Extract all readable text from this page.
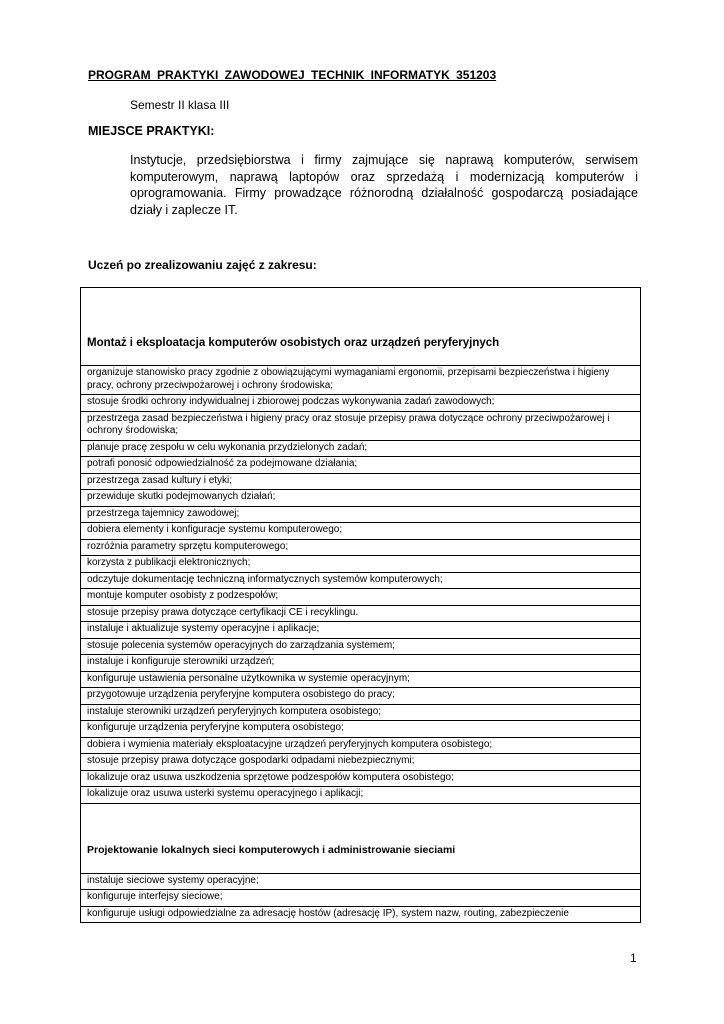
PROGRAM PRAKTYKI ZAWODOWEJ TECHNIK INFORMATYK 351203
Semestr II klasa III
MIEJSCE PRAKTYKI:
Instytucje, przedsiębiorstwa i firmy zajmujące się naprawą komputerów, serwisem komputerowym, naprawą laptopów oraz sprzedażą i modernizacją komputerów i oprogramowania. Firmy prowadzące różnorodną działalność gospodarczą posiadające działy i zaplecze IT.
Uczeń po zrealizowaniu zajęć z zakresu:
Montaż i eksploatacja komputerów osobistych oraz urządzeń peryferyjnych
organizuje stanowisko pracy zgodnie z obowiązującymi wymaganiami ergonomii, przepisami bezpieczeństwa i higieny pracy, ochrony przeciwpożarowej i ochrony środowiska;
stosuje środki ochrony indywidualnej i zbiorowej podczas wykonywania zadań zawodowych;
przestrzega zasad bezpieczeństwa i higieny pracy oraz stosuje przepisy prawa dotyczące ochrony przeciwpożarowej i ochrony środowiska;
planuje pracę zespołu w celu wykonania przydzielonych zadań;
potrafi ponosić odpowiedzialność za podejmowane działania;
przestrzega zasad kultury i etyki;
przewiduje skutki podejmowanych działań;
przestrzega tajemnicy zawodowej;
dobiera elementy i konfiguracje systemu komputerowego;
rozróżnia parametry sprzętu komputerowego;
korzysta z publikacji elektronicznych;
odczytuje dokumentację techniczną informatycznych systemów komputerowych;
montuje komputer osobisty z podzespołów;
stosuje przepisy prawa dotyczące certyfikacji CE i recyklingu.
instaluje i aktualizuje systemy operacyjne i aplikacje;
stosuje polecenia systemów operacyjnych do zarządzania systemem;
instaluje i konfiguruje sterowniki urządzeń;
konfiguruje ustawienia personalne użytkownika w systemie operacyjnym;
przygotowuje urządzenia peryferyjne komputera osobistego do pracy;
instaluje sterowniki urządzeń peryferyjnych komputera osobistego;
konfiguruje urządzenia peryferyjne komputera osobistego;
dobiera i wymienia materiały eksploatacyjne urządzeń peryferyjnych komputera osobistego;
stosuje przepisy prawa dotyczące gospodarki odpadami niebezpiecznymi;
lokalizuje oraz usuwa uszkodzenia sprzętowe podzespołów komputera osobistego;
lokalizuje oraz usuwa usterki systemu operacyjnego i aplikacji;
Projektowanie lokalnych sieci komputerowych i administrowanie sieciami
instaluje sieciowe systemy operacyjne;
konfiguruje interfejsy sieciowe;
konfiguruje usługi odpowiedzialne za adresację hostów (adresację IP), system nazw, routing, zabezpieczenie
1
